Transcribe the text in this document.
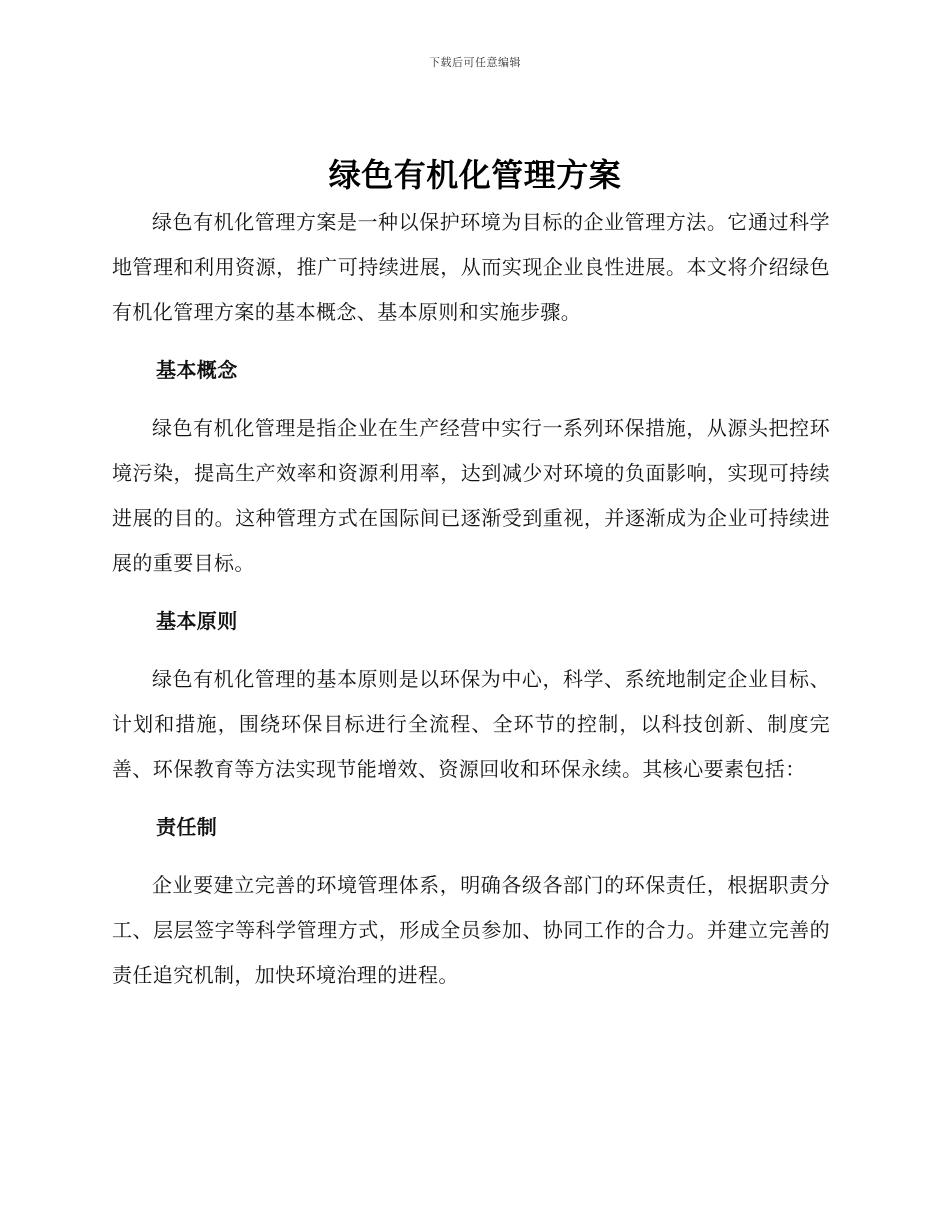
下载后可任意编辑
绿色有机化管理方案

绿色有机化管理方案是一种以保护环境为目标的企业管理方法。它通过科学地管理和利用资源，推广可持续进展，从而实现企业良性进展。本文将介绍绿色有机化管理方案的基本概念、基本原则和实施步骤。

基本概念

绿色有机化管理是指企业在生产经营中实行一系列环保措施，从源头把控环境污染，提高生产效率和资源利用率，达到减少对环境的负面影响，实现可持续进展的目的。这种管理方式在国际间已逐渐受到重视，并逐渐成为企业可持续进展的重要目标。

基本原则

绿色有机化管理的基本原则是以环保为中心，科学、系统地制定企业目标、计划和措施，围绕环保目标进行全流程、全环节的控制，以科技创新、制度完善、环保教育等方法实现节能增效、资源回收和环保永续。其核心要素包括：

责任制

企业要建立完善的环境管理体系，明确各级各部门的环保责任，根据职责分工、层层签字等科学管理方式，形成全员参加、协同工作的合力。并建立完善的责任追究机制，加快环境治理的进程。
